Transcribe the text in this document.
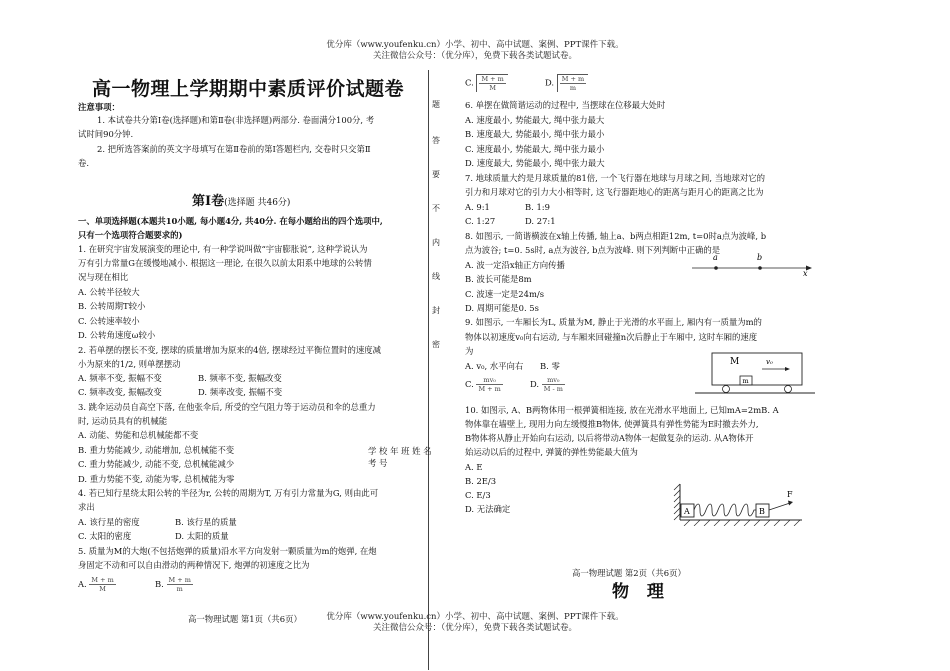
优分库（www.youfenku.cn）小学、初中、高中试题、案例、PPT课件下载。
关注微信公众号：（优分库），免费下载各类试题试卷。
高一物理上学期期中素质评价试题卷
注意事项：
1. 本试卷共分第Ⅰ卷(选择题)和第Ⅱ卷(非选择题)两部分. 卷面满分100分, 考
试时间90分钟.
2. 把所选答案前的英文字母填写在第Ⅱ卷前的第Ⅰ答题栏内, 交卷时只交第Ⅱ
卷.
第Ⅰ卷(选择题 共46分)
一、单项选择题(本题共10小题, 每小题4分, 共40分. 在每小题给出的四个选项中,
只有一个选项符合题要求的)
1. 在研究宇宙发展演变的理论中, 有一种学说叫做“宇宙膨胀说”, 这种学说认为
万有引力常量G在缓慢地减小. 根据这一理论, 在很久以前太阳系中地球的公转情
况与现在相比
A. 公转半径较大
B. 公转周期T较小
C. 公转速率较小
D. 公转角速度ω较小
2. 若单摆的摆长不变, 摆球的质量增加为原来的4倍, 摆球经过平衡位置时的速度减
小为原来的1/2, 则单摆摆动
A. 频率不变, 振幅不变	B. 频率不变, 振幅改变
C. 频率改变, 振幅改变	D. 频率改变, 振幅不变
3. 跳伞运动员自高空下落, 在他张伞后, 所受的空气阻力等于运动员和伞的总重力
时, 运动员具有的机械能
A. 动能、势能和总机械能都不变
B. 重力势能减少, 动能增加, 总机械能不变
C. 重力势能减少, 动能不变, 总机械能减少
D. 重力势能不变, 动能为零, 总机械能为零
4. 若已知行星绕太阳公转的半径为r, 公转的周期为T, 万有引力常量为G, 则由此可
求出
A. 该行星的密度	B. 该行星的质量
C. 太阳的密度	D. 太阳的质量
5. 质量为M的大炮(不包括炮弹的质量)沿水平方向发射一颗质量为m的炮弹, 在炮
身固定不动和可以自由滑动的两种情况下, 炮弹的初速度之比为
A. $\frac{M + m}{M}$	B. $\frac{M + m}{m}$
高一物理试题 第1页（共6页）
题
答
要
不
内
线
封
密
学 校 年 班 姓 名
考 号
C. $\frac{M + m}{M}$	D. $\frac{M + m}{m}$
6. 单摆在做简谐运动的过程中, 当摆球在位移最大处时
A. 速度最小, 势能最大, 绳中张力最大
B. 速度最大, 势能最小, 绳中张力最小
C. 速度最小, 势能最大, 绳中张力最小
D. 速度最大, 势能最小, 绳中张力最大
7. 地球质量大约是月球质量的81倍, 一个飞行器在地球与月球之间, 当地球对它的
引力和月球对它的引力大小相等时, 这飞行器距地心的距离与距月心的距离之比为
A. 9:1	B. 1:9
C. 1:27	D. 27:1
8. 如图示, 一简谐横波在x轴上传播, 轴上a、b两点相距12m, t=0时a点为波峰, b
点为波谷; t=0. 5s时, a点为波谷, b点为波峰. 则下列判断中正确的是
A. 波一定沿x轴正方向传播
B. 波长可能是8m
C. 波速一定是24m/s
D. 周期可能是0. 5s
a	b
x
9. 如图示, 一车厢长为L, 质量为M, 静止于光滑的水平面上, 厢内有一质量为m的
物体以初速度v₀向右运动, 与车厢来回碰撞n次后静止于车厢中, 这时车厢的速度
为
A. v₀, 水平向右 B. 零
C. $\frac{\text{mv₀}}{M + m}$	D. $\frac{\text{mv₀}}{M - m}$
M	v₀
m
10. 如图示, A、B两物体用一根弹簧相连接, 放在光滑水平地面上, 已知mA=2mB. A
物体靠在墙壁上, 现用力向左缓慢推B物体, 使弹簧具有弹性势能为E时撤去外力,
B物体将从静止开始向右运动, 以后将带动A物体一起做复杂的运动. 从A物体开
始运动以后的过程中, 弹簧的弹性势能最大值为
A. E
B. 2E/3
C. E/3
D. 无法确定	A	B
F
高一物理试题 第2页（共6页）
物 理
优分库（www.youfenku.cn）小学、初中、高中试题、案例、PPT课件下载。
关注微信公众号：（优分库），免费下载各类试题试卷。
